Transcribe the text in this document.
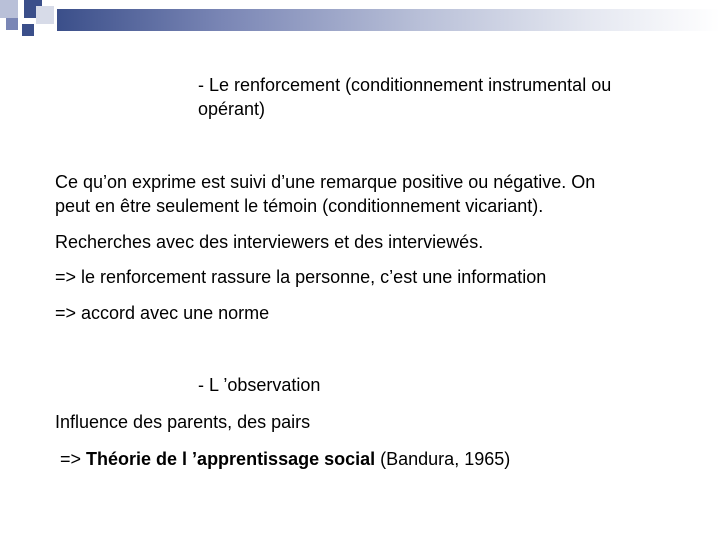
- Le renforcement (conditionnement instrumental ou
opérant)
Ce qu’on exprime est suivi d’une remarque positive ou négative. On
peut en être seulement le témoin (conditionnement vicariant).
Recherches avec des interviewers et des interviewés.
=> le renforcement rassure la personne, c’est une information
=> accord avec une norme
- L ’observation
Influence des parents, des pairs
=> Théorie de l ’apprentissage social (Bandura, 1965)
